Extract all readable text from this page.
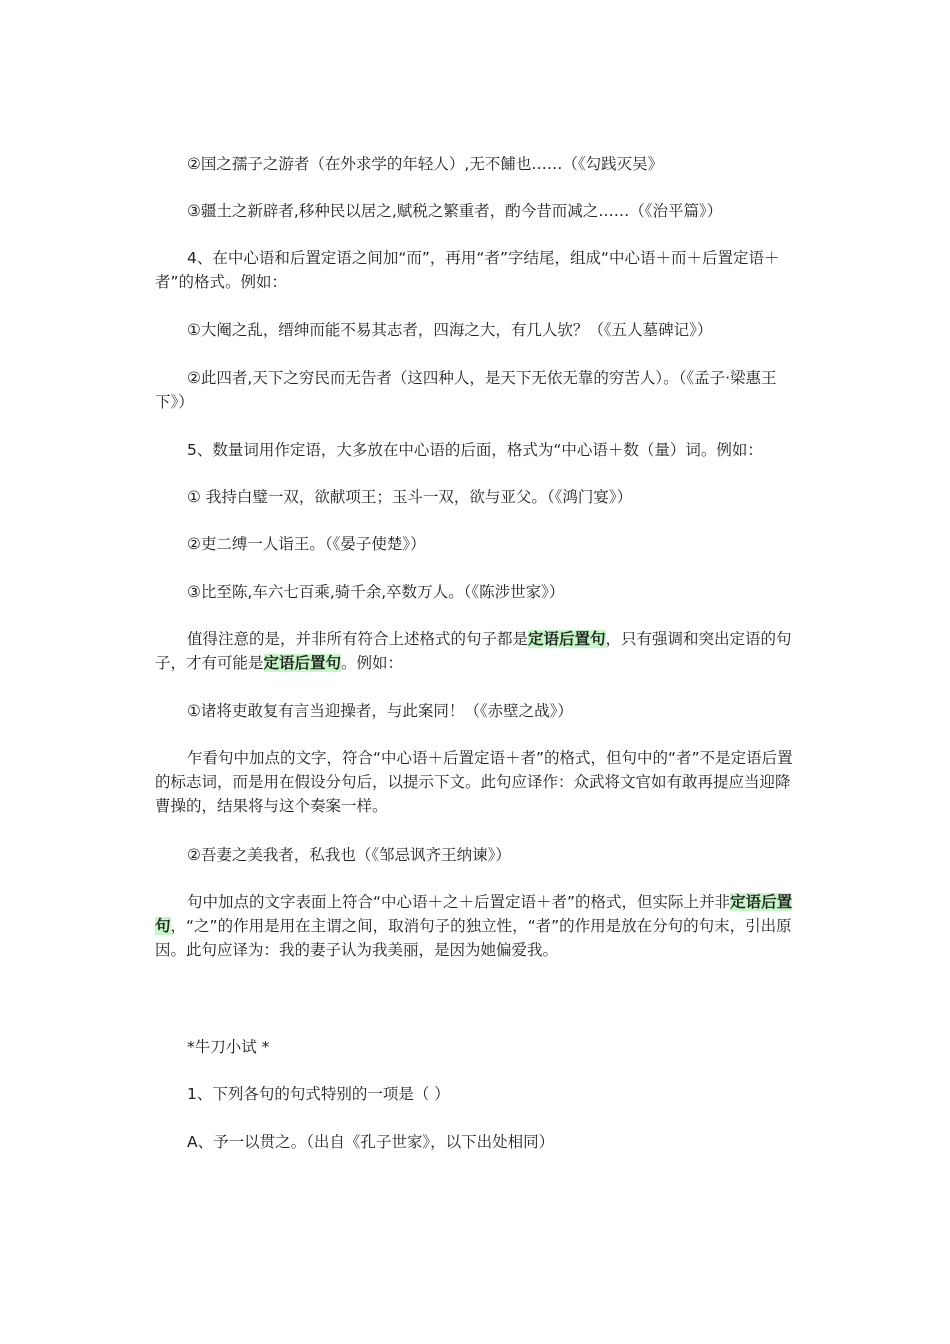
②国之孺子之游者（在外求学的年轻人）,无不餔也……（《勾践灭吴》
③疆土之新辟者,移种民以居之,赋税之繁重者，酌今昔而减之……（《治平篇》）
4、在中心语和后置定语之间加“而”，再用“者”字结尾，组成“中心语＋而＋后置定语＋者”的格式。例如：
①大阉之乱，缙绅而能不易其志者，四海之大，有几人欤？（《五人墓碑记》）
②此四者,天下之穷民而无告者（这四种人，是天下无依无靠的穷苦人）。（《孟子·梁惠王下》）
5、数量词用作定语，大多放在中心语的后面，格式为“中心语＋数（量）词。例如：
① 我持白璧一双，欲献项王；玉斗一双，欲与亚父。（《鸿门宴》）
②吏二缚一人诣王。（《晏子使楚》）
③比至陈,车六七百乘,骑千余,卒数万人。（《陈涉世家》）
值得注意的是，并非所有符合上述格式的句子都是定语后置句，只有强调和突出定语的句子，才有可能是定语后置句。例如：
①诸将吏敢复有言当迎操者，与此案同！（《赤壁之战》）
乍看句中加点的文字，符合“中心语＋后置定语＋者”的格式，但句中的“者”不是定语后置的标志词，而是用在假设分句后，以提示下文。此句应译作：众武将文官如有敢再提应当迎降曹操的，结果将与这个奏案一样。
②吾妻之美我者，私我也（《邹忌讽齐王纳谏》）
句中加点的文字表面上符合“中心语＋之＋后置定语＋者”的格式，但实际上并非定语后置句，“之”的作用是用在主谓之间，取消句子的独立性，“者”的作用是放在分句的句末，引出原因。此句应译为：我的妻子认为我美丽，是因为她偏爱我。
*牛刀小试 *
1、下列各句的句式特别的一项是（ ）
A、予一以贯之。（出自《孔子世家》，以下出处相同）
